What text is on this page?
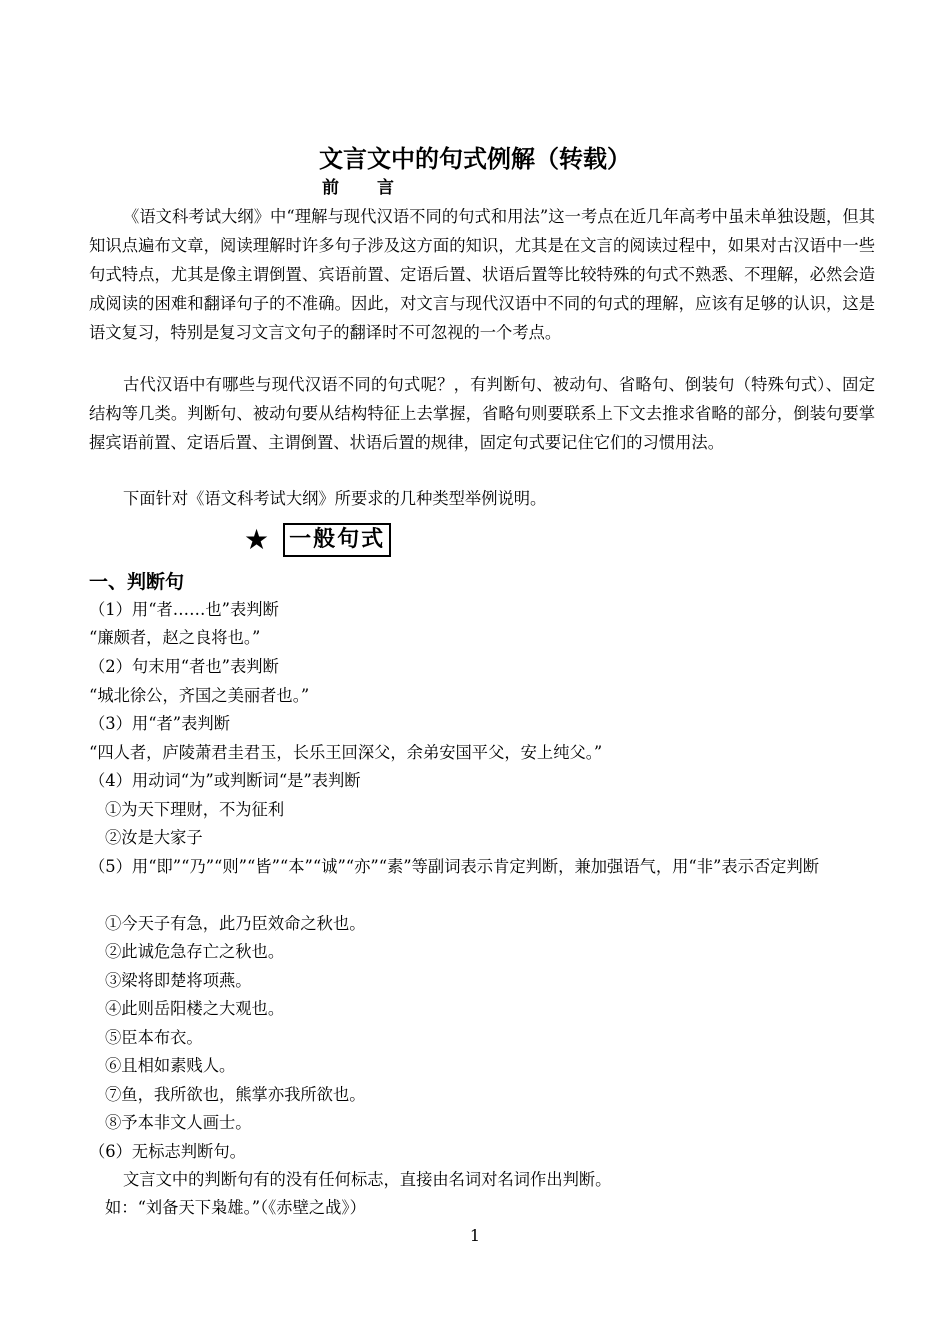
文言文中的句式例解（转载）
前言
《语文科考试大纲》中“理解与现代汉语不同的句式和用法”这一考点在近几年高考中虽未单独设题，但其知识点遍布文章，阅读理解时许多句子涉及这方面的知识，尤其是在文言的阅读过程中，如果对古汉语中一些句式特点，尤其是像主谓倒置、宾语前置、定语后置、状语后置等比较特殊的句式不熟悉、不理解，必然会造成阅读的困难和翻译句子的不准确。因此，对文言与现代汉语中不同的句式的理解，应该有足够的认识，这是语文复习，特别是复习文言文句子的翻译时不可忽视的一个考点。
古代汉语中有哪些与现代汉语不同的句式呢？，有判断句、被动句、省略句、倒装句（特殊句式）、固定结构等几类。判断句、被动句要从结构特征上去掌握，省略句则要联系上下文去推求省略的部分，倒装句要掌握宾语前置、定语后置、主谓倒置、状语后置的规律，固定句式要记住它们的习惯用法。
下面针对《语文科考试大纲》所要求的几种类型举例说明。
★ 一般句式
一、判断句
（1）用“者……也”表判断
“廉颇者，赵之良将也。”
（2）句末用“者也”表判断
“城北徐公，齐国之美丽者也。”
（3）用“者”表判断
“四人者，庐陵萧君圭君玉，长乐王回深父，余弟安国平父，安上纯父。”
（4）用动词“为”或判断词“是”表判断
①为天下理财，不为征利
②汝是大家子
（5）用“即”“乃”“则”“皆”“本”“诚”“亦”“素”等副词表示肯定判断，兼加强语气，用“非”表示否定判断
①今天子有急，此乃臣效命之秋也。
②此诚危急存亡之秋也。
③梁将即楚将项燕。
④此则岳阳楼之大观也。
⑤臣本布衣。
⑥且相如素贱人。
⑦鱼，我所欲也，熊掌亦我所欲也。
⑧予本非文人画士。
（6）无标志判断句。
文言文中的判断句有的没有任何标志，直接由名词对名词作出判断。
如：“刘备天下枭雄。”（《赤壁之战》）
1
